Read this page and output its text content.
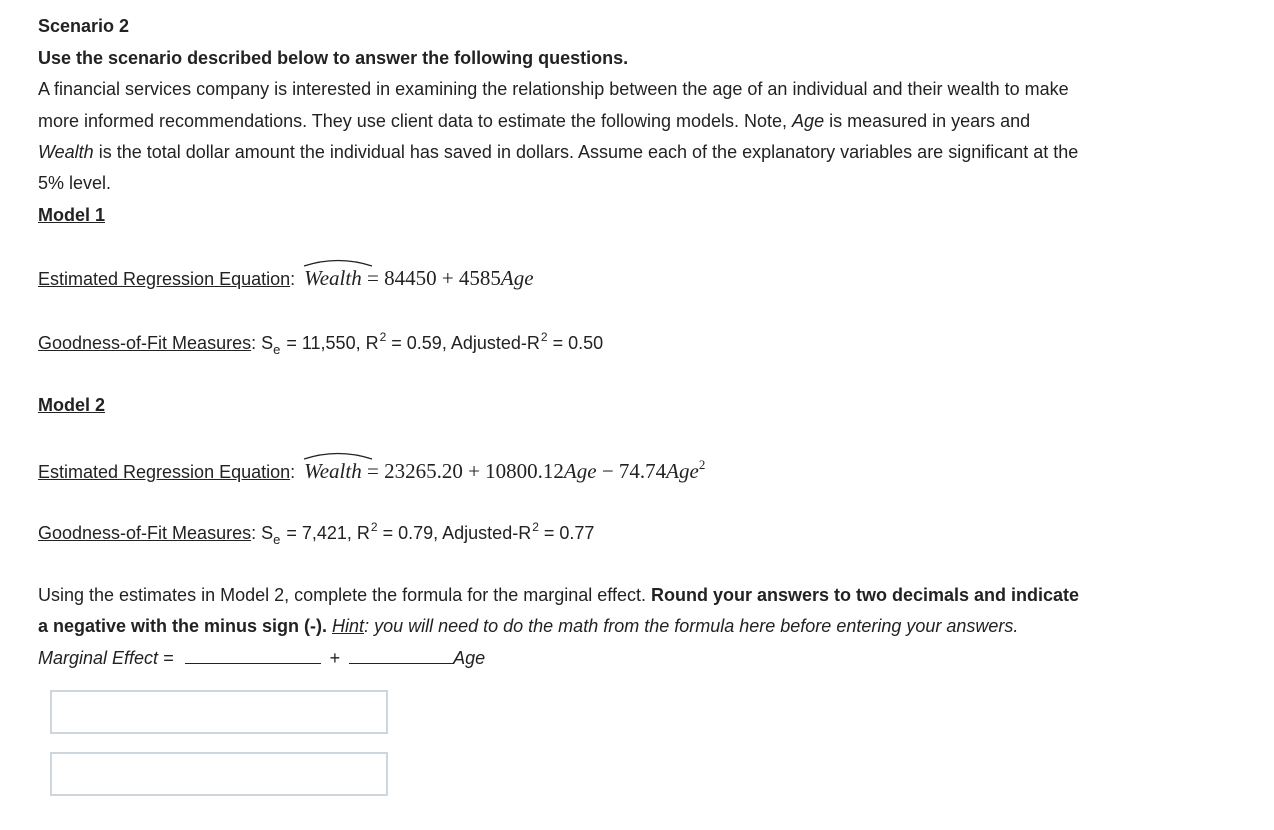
Scenario 2
Use the scenario described below to answer the following questions.
A financial services company is interested in examining the relationship between the age of an individual and their wealth to make
more informed recommendations. They use client data to estimate the following models. Note, Age is measured in years and
Wealth is the total dollar amount the individual has saved in dollars. Assume each of the explanatory variables are significant at the
5% level.
Model 1
Estimated Regression Equation: Wealth = 84450 + 4585Age
Goodness-of-Fit Measures: $S_e = 11,550$, $R^2 = 0.59$, Adjusted-$R^2 = 0.50$
Model 2
Estimated Regression Equation: Wealth = 23265.20 + 10800.12Age − 74.74Age$^2$
Goodness-of-Fit Measures: $S_e = 7,421$, $R^2 = 0.79$, Adjusted-$R^2 = 0.77$
Using the estimates in Model 2, complete the formula for the marginal effect. Round your answers to two decimals and indicate
a negative with the minus sign (-). Hint: you will need to do the math from the formula here before entering your answers.
Marginal Effect =	+	Age
